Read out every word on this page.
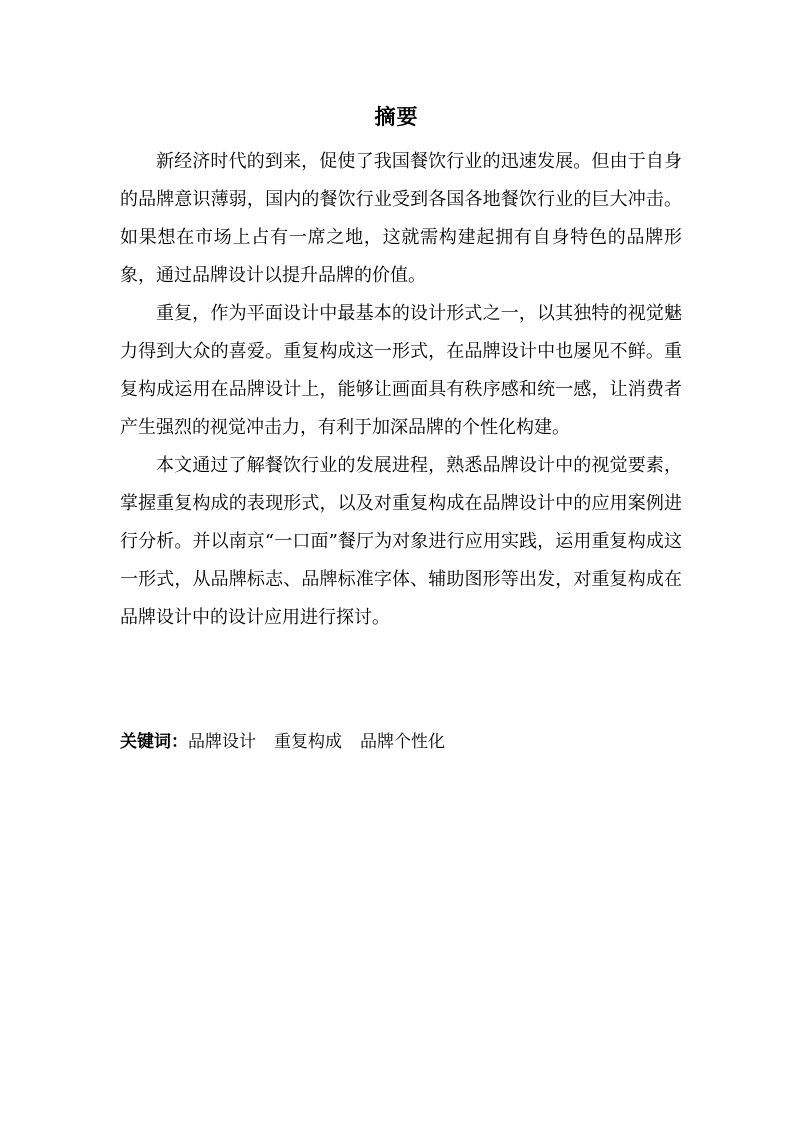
摘要

新经济时代的到来，促使了我国餐饮行业的迅速发展。但由于自身的品牌意识薄弱，国内的餐饮行业受到各国各地餐饮行业的巨大冲击。如果想在市场上占有一席之地，这就需构建起拥有自身特色的品牌形象，通过品牌设计以提升品牌的价值。

重复，作为平面设计中最基本的设计形式之一，以其独特的视觉魅力得到大众的喜爱。重复构成这一形式，在品牌设计中也屡见不鲜。重复构成运用在品牌设计上，能够让画面具有秩序感和统一感，让消费者产生强烈的视觉冲击力，有利于加深品牌的个性化构建。

本文通过了解餐饮行业的发展进程，熟悉品牌设计中的视觉要素，掌握重复构成的表现形式，以及对重复构成在品牌设计中的应用案例进行分析。并以南京“一口面”餐厅为对象进行应用实践，运用重复构成这一形式，从品牌标志、品牌标准字体、辅助图形等出发，对重复构成在品牌设计中的设计应用进行探讨。

关键词：品牌设计 重复构成 品牌个性化
